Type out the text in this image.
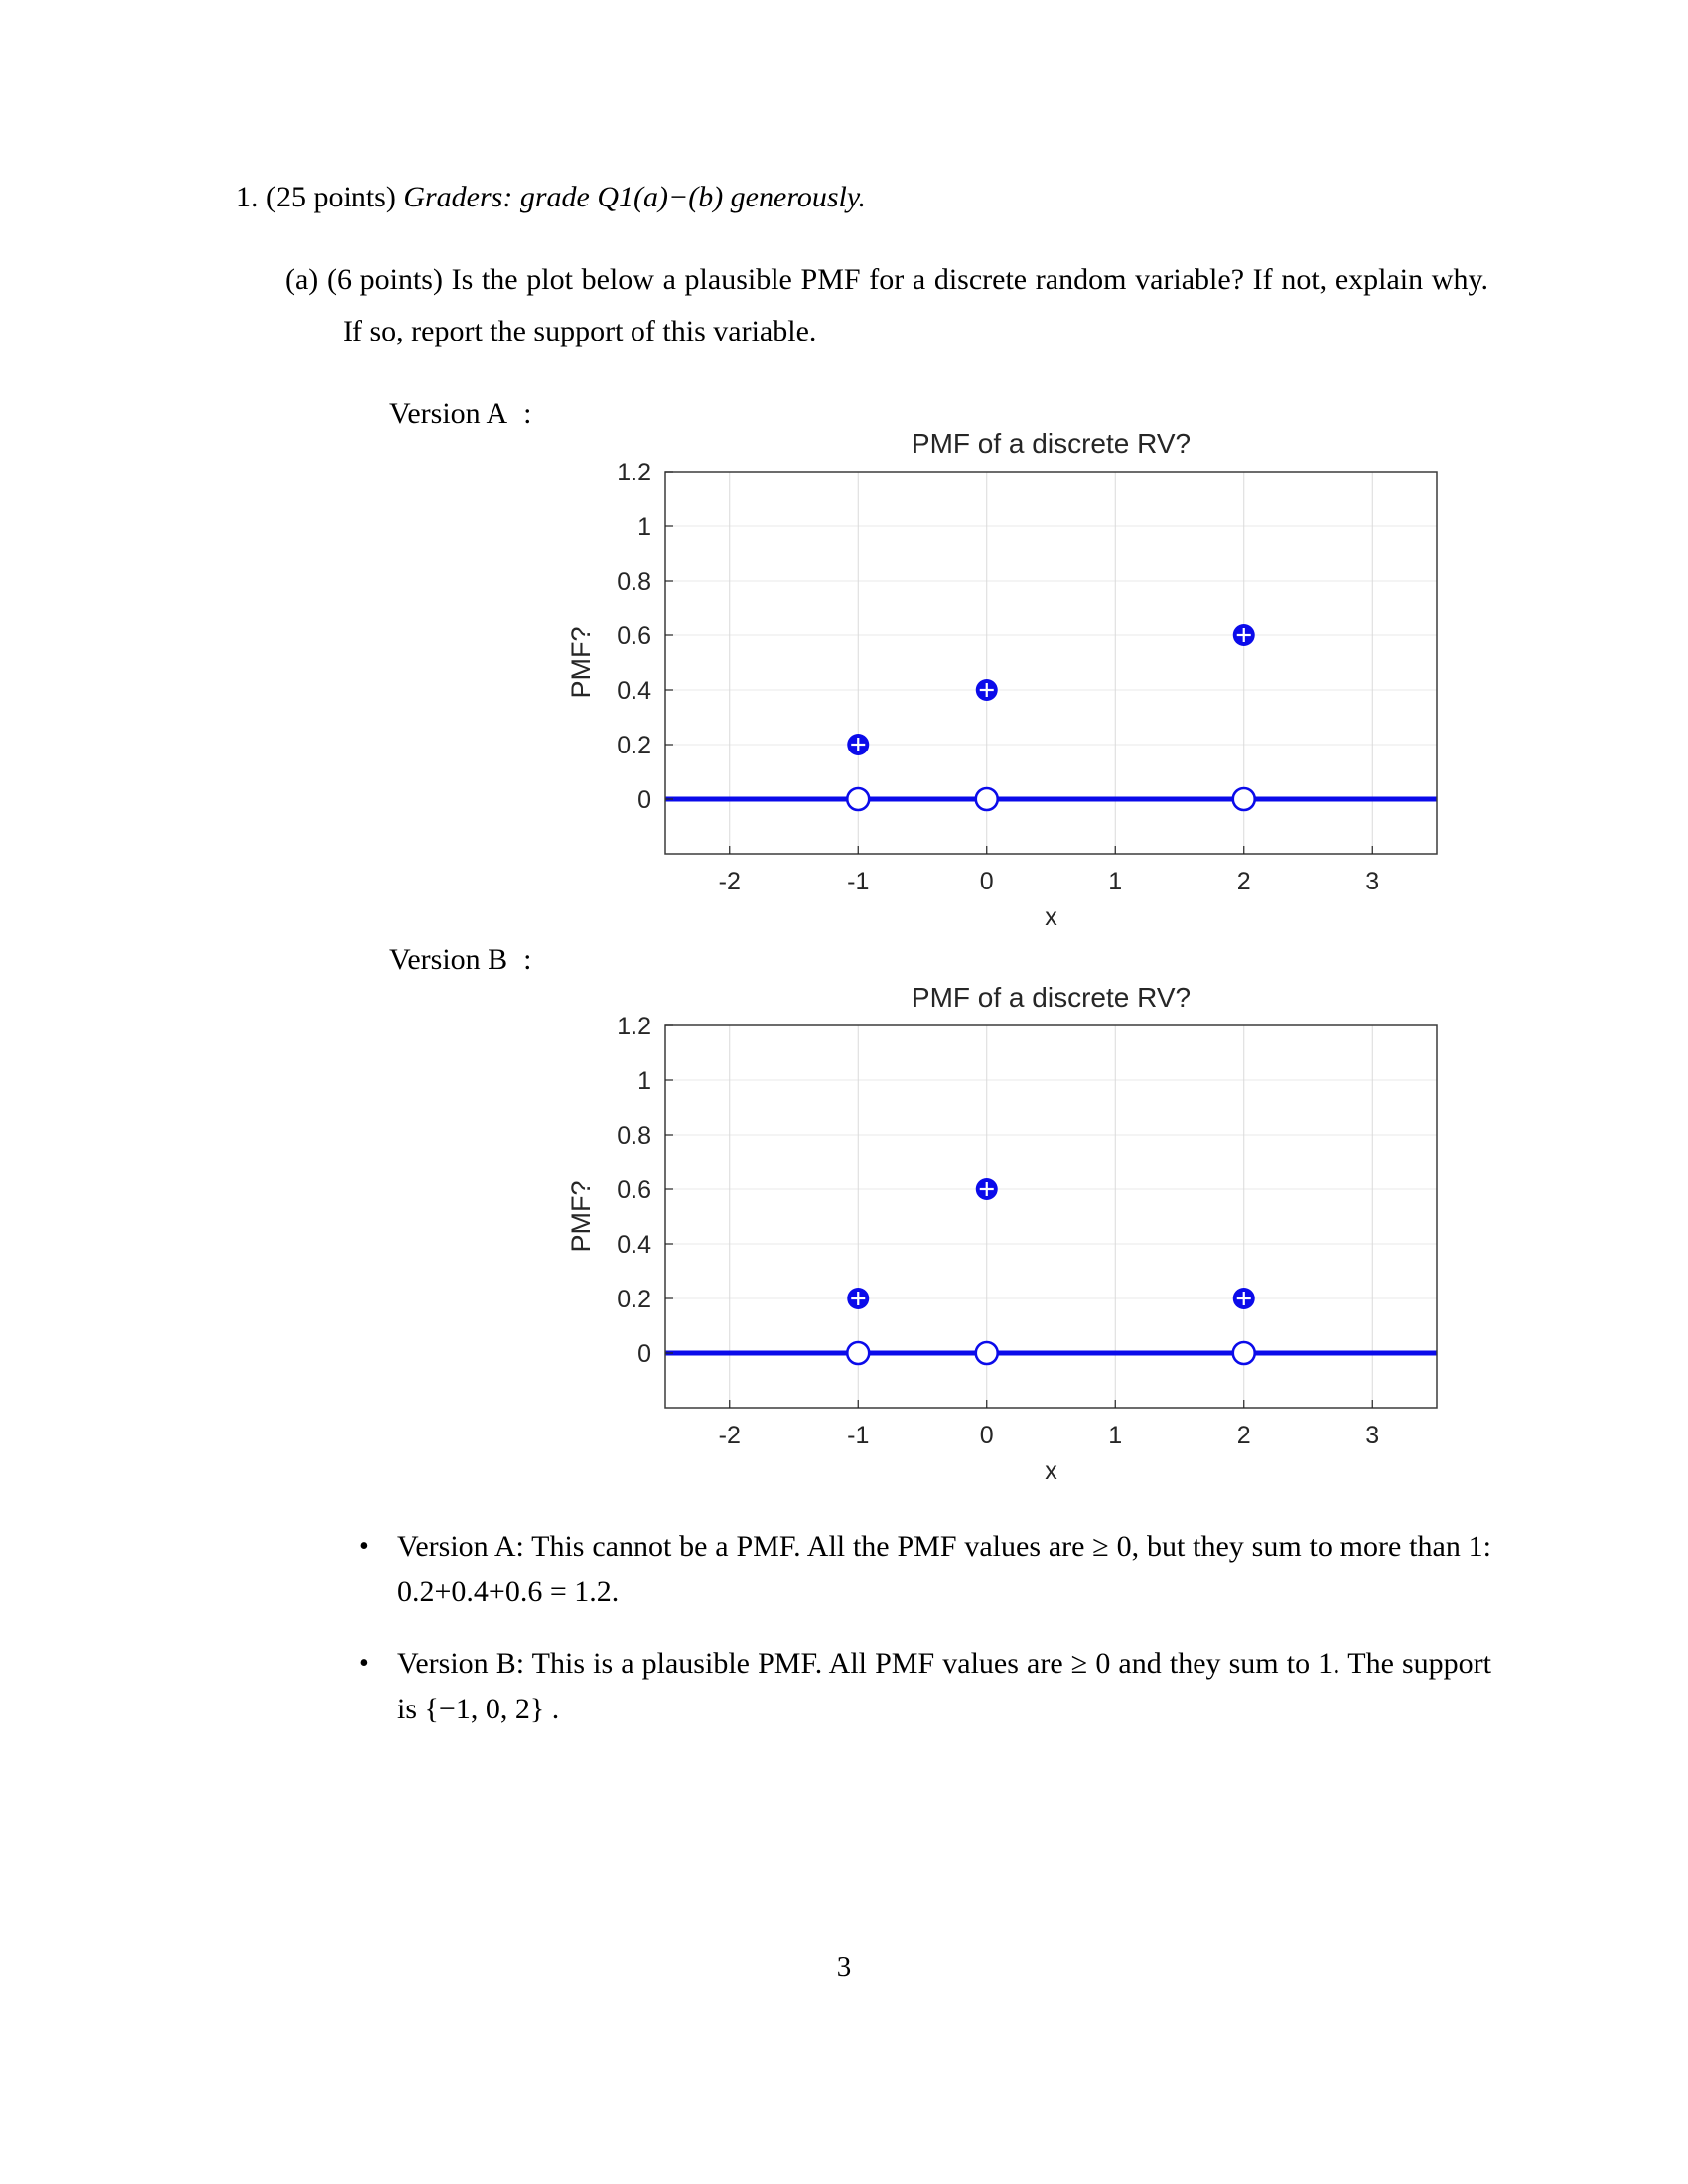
1. (25 points) Graders: grade Q1(a)−(b) generously.
(a) (6 points) Is the plot below a plausible PMF for a discrete random variable? If not, explain why. If so, report the support of this variable.
Version A :
-2	-1	0	1	2	3
0
0.2
0.4
0.6
0.8
1
1.2
PMF of a discrete RV?
x
PMF?
Version B :
-2	-1	0	1	2	3
0
0.2
0.4
0.6
0.8
1
1.2
PMF of a discrete RV?
x
PMF?
• Version A: This cannot be a PMF. All the PMF values are ≥ 0, but they sum to more than 1: 0.2+0.4+0.6 = 1.2.
• Version B: This is a plausible PMF. All PMF values are ≥ 0 and they sum to 1. The support is {−1, 0, 2} .
3
